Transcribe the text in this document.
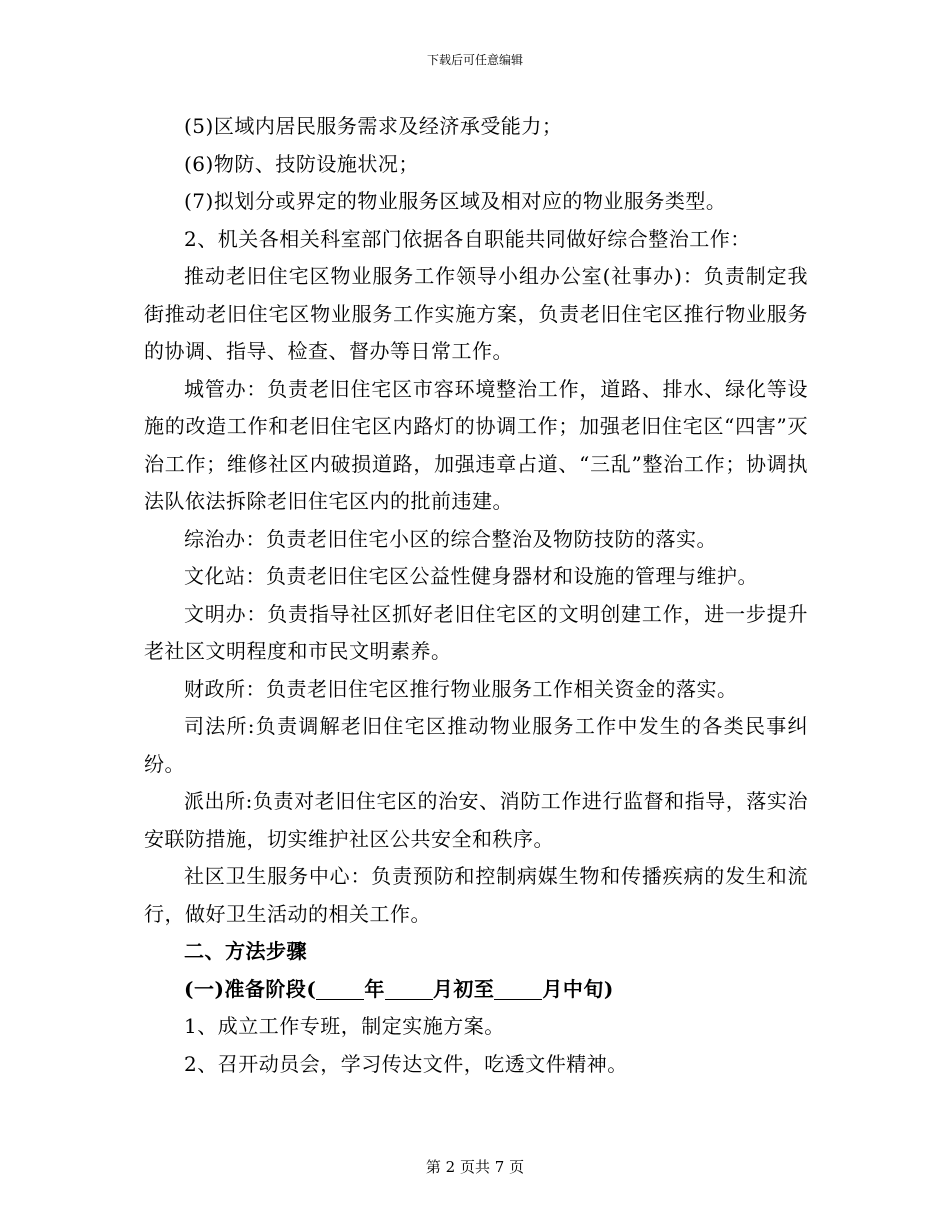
下载后可任意编辑

(5)区域内居民服务需求及经济承受能力；

(6)物防、技防设施状况；

(7)拟划分或界定的物业服务区域及相对应的物业服务类型。

2、机关各相关科室部门依据各自职能共同做好综合整治工作：

推动老旧住宅区物业服务工作领导小组办公室(社事办)：负责制定我街推动老旧住宅区物业服务工作实施方案，负责老旧住宅区推行物业服务的协调、指导、检查、督办等日常工作。

城管办：负责老旧住宅区市容环境整治工作，道路、排水、绿化等设施的改造工作和老旧住宅区内路灯的协调工作；加强老旧住宅区“四害”灭治工作；维修社区内破损道路，加强违章占道、“三乱”整治工作；协调执法队依法拆除老旧住宅区内的批前违建。

综治办：负责老旧住宅小区的综合整治及物防技防的落实。

文化站：负责老旧住宅区公益性健身器材和设施的管理与维护。

文明办：负责指导社区抓好老旧住宅区的文明创建工作，进一步提升老社区文明程度和市民文明素养。

财政所：负责老旧住宅区推行物业服务工作相关资金的落实。

司法所:负责调解老旧住宅区推动物业服务工作中发生的各类民事纠纷。

派出所:负责对老旧住宅区的治安、消防工作进行监督和指导，落实治安联防措施，切实维护社区公共安全和秩序。

社区卫生服务中心：负责预防和控制病媒生物和传播疾病的发生和流行，做好卫生活动的相关工作。

二、方法步骤

(一)准备阶段( 年 月初至 月中旬)

1、成立工作专班，制定实施方案。

2、召开动员会，学习传达文件，吃透文件精神。

第 2 页共 7 页
